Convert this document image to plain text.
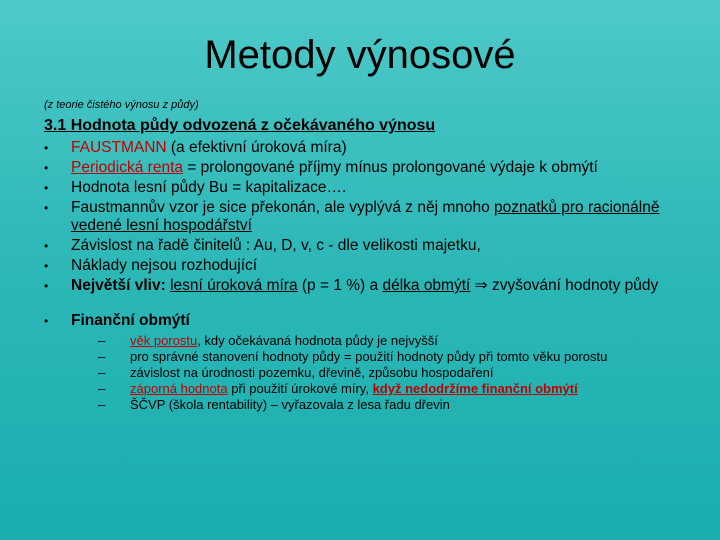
Metody výnosové
(z teorie čistého výnosu z půdy)
3.1 Hodnota půdy odvozená z očekávaného výnosu
• FAUSTMANN (a efektivní úroková míra)
• Periodická renta = prolongované příjmy mínus prolongované výdaje k obmýtí
• Hodnota lesní půdy Bu = kapitalizace….
• Faustmannův vzor je sice překonán, ale vyplývá z něj mnoho poznatků pro racionálně vedené lesní hospodářství
• Závislost na řadě činitelů : Au, D, v, c - dle velikosti majetku,
• Náklady nejsou rozhodující
• Největší vliv: lesní úroková míra (p = 1 %) a délka obmýtí ⇒ zvyšování hodnoty půdy
• Finanční obmýtí
– věk porostu, kdy očekávaná hodnota půdy je nejvyšší
– pro správné stanovení hodnoty půdy = použití hodnoty půdy při tomto věku porostu
– závislost na úrodnosti pozemku, dřevině, způsobu hospodaření
– záporná hodnota při použití úrokové míry, když nedodržíme finanční obmýtí
– ŠČVP (škola rentability) – vyřazovala z lesa řadu dřevin
